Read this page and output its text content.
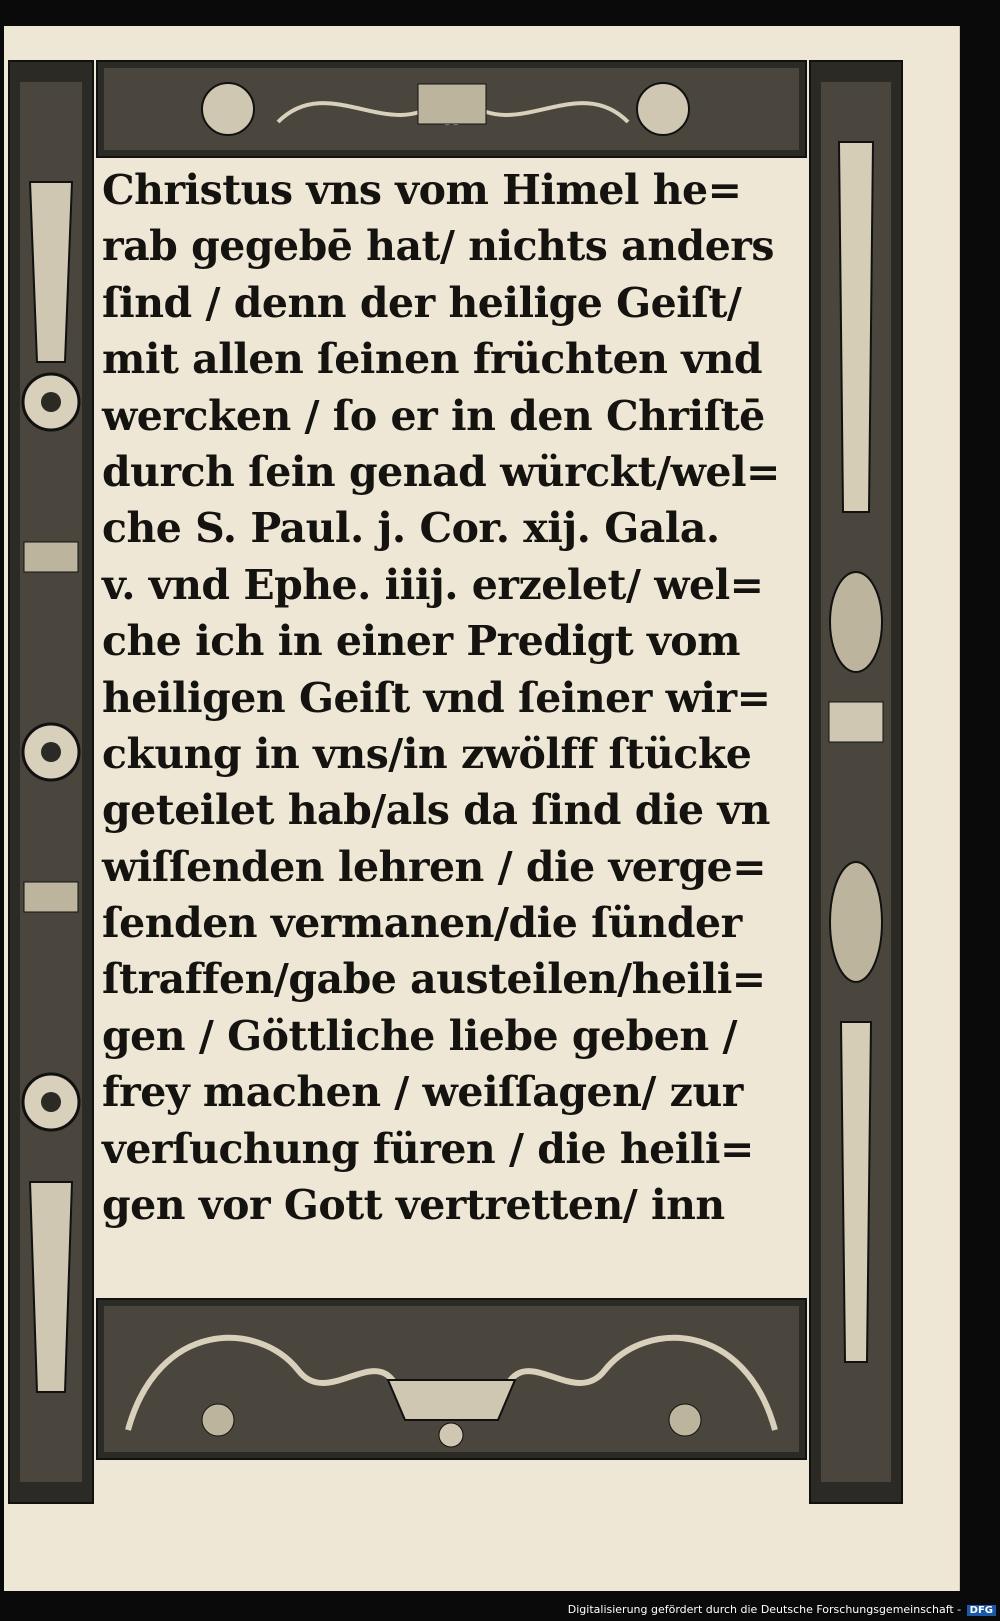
Christus vns vom Himel he=
rab gegebē hat/ nichts anders
ſind / denn der heilige Geiſt/
mit allen ſeinen früchten vnd
wercken / ſo er in den Chriſtē
durch ſein genad würckt/wel=
che S. Paul. j. Cor. xij. Gala.
v. vnd Ephe. iiij. erzelet/ wel=
che ich in einer Predigt vom
heiligen Geiſt vnd ſeiner wir=
ckung in vns/in zwölff ſtücke
geteilet hab/als da ſind die vn
wiſſenden lehren / die verge=
ſenden vermanen/die ſünder
ſtraffen/gabe austeilen/heili=
gen / Göttliche liebe geben /
frey machen / weiſſagen/ zur
verſuchung füren / die heili=
gen vor Gott vertretten/ inn
Digitalisierung gefördert durch die Deutsche Forschungsgemeinschaft - DFG
